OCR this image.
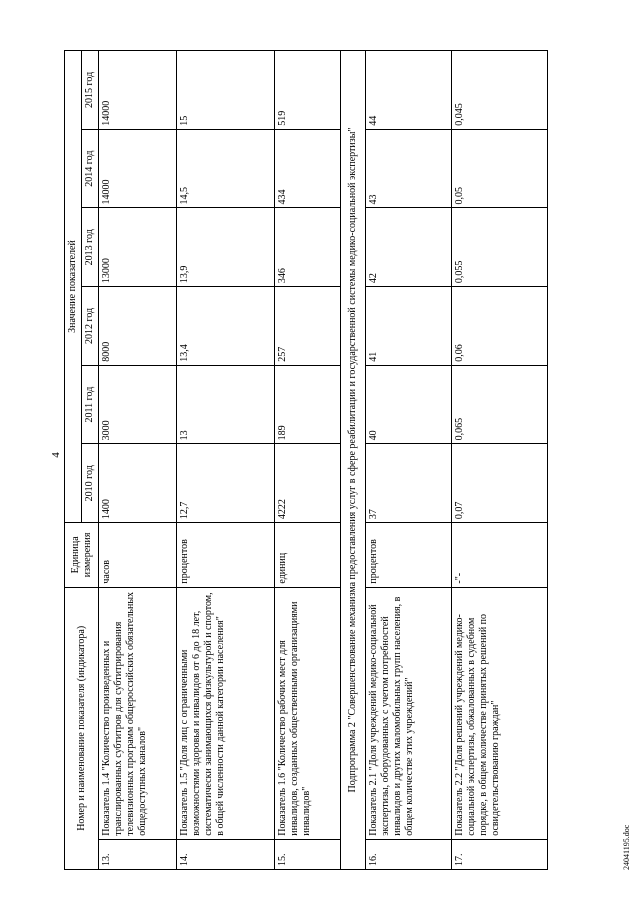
4
Номер и наименование показателя (индикатора)		Единица измерения	Значение показателей					
			2010 год	2011 год	2012 год	2013 год	2014 год	2015 год
13.	Показатель 1.4 "Количество произведенных и транслированных субтитров для субтитрирования телевизионных программ общероссийских обязательных общедоступных каналов"	часов	1400	3000	8000	13000	14000	14000
14.	Показатель 1.5 "Доля лиц с ограниченными возможностями здоровья и инвалидов от 6 до 18 лет, систематически занимающихся физкультурой и спортом, в общей численности данной категории населения"	процентов	12,7	13	13,4	13,9	14,5	15
15.	Показатель 1.6 "Количество рабочих мест для инвалидов, созданных общественными организациями инвалидов"	единиц	4222	189	257	346	434	519
Подпрограмма 2 "Совершенствование механизма предоставления услуг в сфере реабилитации и государственной системы медико-социальной экспертизы"								
16.	Показатель 2.1 "Доля учреждений медико-социальной экспертизы, оборудованных с учетом потребностей инвалидов и других маломобильных групп населения, в общем количестве этих учреждений"	процентов	37	40	41	42	43	44
17.	Показатель 2.2 "Доля решений учреждений медико-социальной экспертизы, обжалованных в судебном порядке, в общем количестве принятых решений по освидетельствованию граждан"	-"-	0,07	0,065	0,06	0,055	0,05	0,045
24041195.doc
